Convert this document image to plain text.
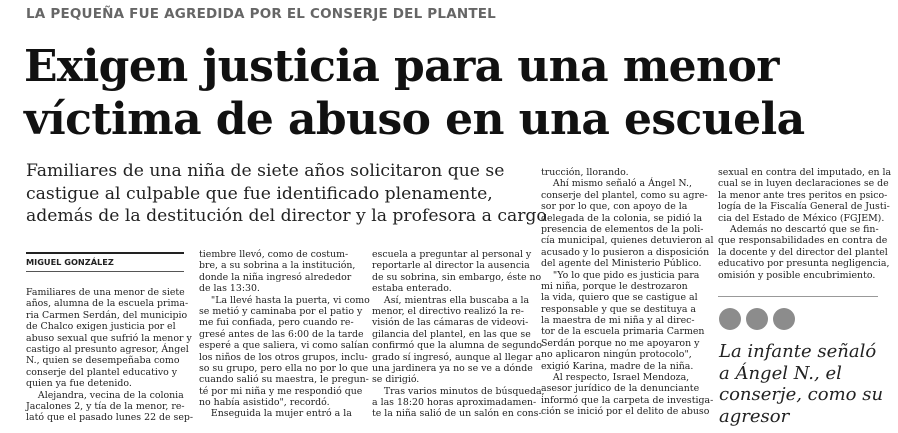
LA PEQUEÑA FUE AGREDIDA POR EL CONSERJE DEL PLANTEL
Exigen justicia para una menor
víctima de abuso en una escuela
Familiares de una niña de siete años solicitaron que se
castigue al culpable que fue identificado plenamente,
además de la destitución del director y la profesora a cargo
MIGUEL GONZÁLEZ
Familiares de una menor de siete
años, alumna de la escuela prima-
ria Carmen Serdán, del municipio
de Chalco exigen justicia por el
abuso sexual que sufrió la menor y
castigo al presunto agresor, Ángel
N., quien se desempeñaba como
conserje del plantel educativo y
quien ya fue detenido.
Alejandra, vecina de la colonia
Jacalones 2, y tía de la menor, re-
lató que el pasado lunes 22 de sep-
tiembre llevó, como de costum-
bre, a su sobrina a la institución,
donde la niña ingresó alrededor
de las 13:30.
"La llevé hasta la puerta, vi como
se metió y caminaba por el patio y
me fui confiada, pero cuando re-
gresé antes de las 6:00 de la tarde
esperé a que saliera, vi como salían
los niños de los otros grupos, inclu-
so su grupo, pero ella no por lo que
cuando salió su maestra, le pregun-
té por mi niña y me respondió que
no había asistido", recordó.
Enseguida la mujer entró a la
escuela a preguntar al personal y
reportarle al director la ausencia
de su sobrina, sin embargo, éste no
estaba enterado.
Así, mientras ella buscaba a la
menor, el directivo realizó la re-
visión de las cámaras de videovi-
gilancia del plantel, en las que se
confirmó que la alumna de segundo
grado sí ingresó, aunque al llegar a
una jardinera ya no se ve a dónde
se dirigió.
Tras varios minutos de búsqueda,
a las 18:20 horas aproximadamen-
te la niña salió de un salón en cons-
trucción, llorando.
Ahí mismo señaló a Ángel N.,
conserje del plantel, como su agre-
sor por lo que, con apoyo de la
delegada de la colonia, se pidió la
presencia de elementos de la poli-
cía municipal, quienes detuvieron al
acusado y lo pusieron a disposición
del agente del Ministerio Público.
"Yo lo que pido es justicia para
mi niña, porque le destrozaron
la vida, quiero que se castigue al
responsable y que se destituya a
la maestra de mi niña y al direc-
tor de la escuela primaria Carmen
Serdán porque no me apoyaron y
no aplicaron ningún protocolo",
exigió Karina, madre de la niña.
Al respecto, Israel Mendoza,
asesor jurídico de la denunciante
informó que la carpeta de investiga-
ción se inició por el delito de abuso
sexual en contra del imputado, en la
cual se in luyen declaraciones se de
la menor ante tres peritos en psico-
logía de la Fiscalía General de Justi-
cia del Estado de México (FGJEM).
Además no descartó que se fin-
que responsabilidades en contra de
la docente y del director del plantel
educativo por presunta negligencia,
omisión y posible encubrimiento.
La infante señaló
a Ángel N., el
conserje, como su
agresor
